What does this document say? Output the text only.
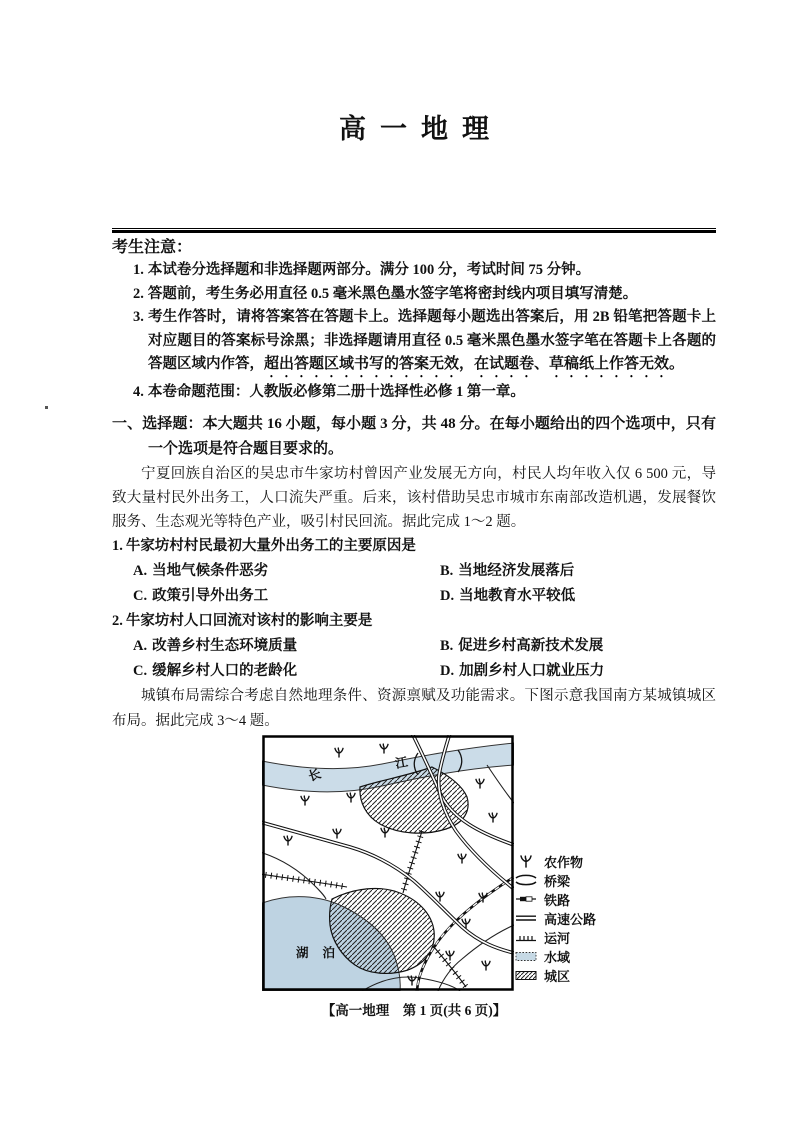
高一地理
考生注意：
1. 本试卷分选择题和非选择题两部分。满分 100 分，考试时间 75 分钟。
2. 答题前，考生务必用直径 0.5 毫米黑色墨水签字笔将密封线内项目填写清楚。
3. 考生作答时，请将答案答在答题卡上。选择题每小题选出答案后，用 2B 铅笔把答题卡上对应题目的答案标号涂黑；非选择题请用直径 0.5 毫米黑色墨水签字笔在答题卡上各题的答题区域内作答，超出答题区域书写的答案无效，在试题卷、草稿纸上作答无效。
4. 本卷命题范围：人教版必修第二册十选择性必修 1 第一章。
一、选择题：本大题共 16 小题，每小题 3 分，共 48 分。在每小题给出的四个选项中，只有一个选项是符合题目要求的。
宁夏回族自治区的吴忠市牛家坊村曾因产业发展无方向，村民人均年收入仅 6 500 元，导致大量村民外出务工，人口流失严重。后来，该村借助吴忠市城市东南部改造机遇，发展餐饮服务、生态观光等特色产业，吸引村民回流。据此完成 1～2 题。
1. 牛家坊村村民最初大量外出务工的主要原因是
A. 当地气候条件恶劣	B. 当地经济发展落后
C. 政策引导外出务工	D. 当地教育水平较低
2. 牛家坊村人口回流对该村的影响主要是
A. 改善乡村生态环境质量	B. 促进乡村高新技术发展
C. 缓解乡村人口的老龄化	D. 加剧乡村人口就业压力
城镇布局需综合考虑自然地理条件、资源禀赋及功能需求。下图示意我国南方某城镇城区布局。据此完成 3～4 题。
长
江
湖泊
农作物
桥梁
铁路
高速公路
运河
水域
城区
【高一地理　第 1 页(共 6 页)】
